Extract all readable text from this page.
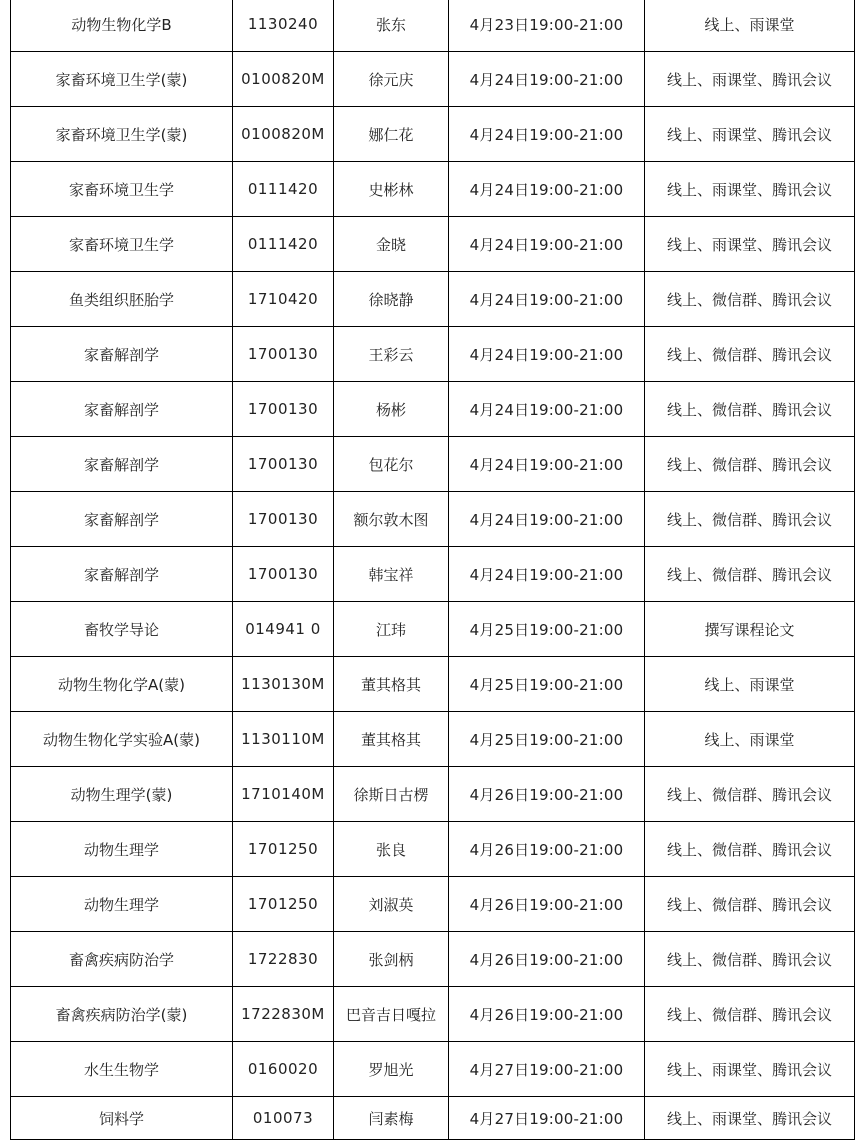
动物生物化学B	1130240	张东	4月23日19:00-21:00	线上、雨课堂
家畜环境卫生学(蒙)	0100820M	徐元庆	4月24日19:00-21:00	线上、雨课堂、腾讯会议
家畜环境卫生学(蒙)	0100820M	娜仁花	4月24日19:00-21:00	线上、雨课堂、腾讯会议
家畜环境卫生学	0111420	史彬林	4月24日19:00-21:00	线上、雨课堂、腾讯会议
家畜环境卫生学	0111420	金晓	4月24日19:00-21:00	线上、雨课堂、腾讯会议
鱼类组织胚胎学	1710420	徐晓静	4月24日19:00-21:00	线上、微信群、腾讯会议
家畜解剖学	1700130	王彩云	4月24日19:00-21:00	线上、微信群、腾讯会议
家畜解剖学	1700130	杨彬	4月24日19:00-21:00	线上、微信群、腾讯会议
家畜解剖学	1700130	包花尔	4月24日19:00-21:00	线上、微信群、腾讯会议
家畜解剖学	1700130	额尔敦木图	4月24日19:00-21:00	线上、微信群、腾讯会议
家畜解剖学	1700130	韩宝祥	4月24日19:00-21:00	线上、微信群、腾讯会议
畜牧学导论	014941 0	江玮	4月25日19:00-21:00	撰写课程论文
动物生物化学A(蒙)	1130130M	董其格其	4月25日19:00-21:00	线上、雨课堂
动物生物化学实验A(蒙)	1130110M	董其格其	4月25日19:00-21:00	线上、雨课堂
动物生理学(蒙)	1710140M	徐斯日古楞	4月26日19:00-21:00	线上、微信群、腾讯会议
动物生理学	1701250	张良	4月26日19:00-21:00	线上、微信群、腾讯会议
动物生理学	1701250	刘淑英	4月26日19:00-21:00	线上、微信群、腾讯会议
畜禽疾病防治学	1722830	张剑柄	4月26日19:00-21:00	线上、微信群、腾讯会议
畜禽疾病防治学(蒙)	1722830M	巴音吉日嘎拉	4月26日19:00-21:00	线上、微信群、腾讯会议
水生生物学	0160020	罗旭光	4月27日19:00-21:00	线上、雨课堂、腾讯会议
饲料学	010073	闫素梅	4月27日19:00-21:00	线上、雨课堂、腾讯会议
